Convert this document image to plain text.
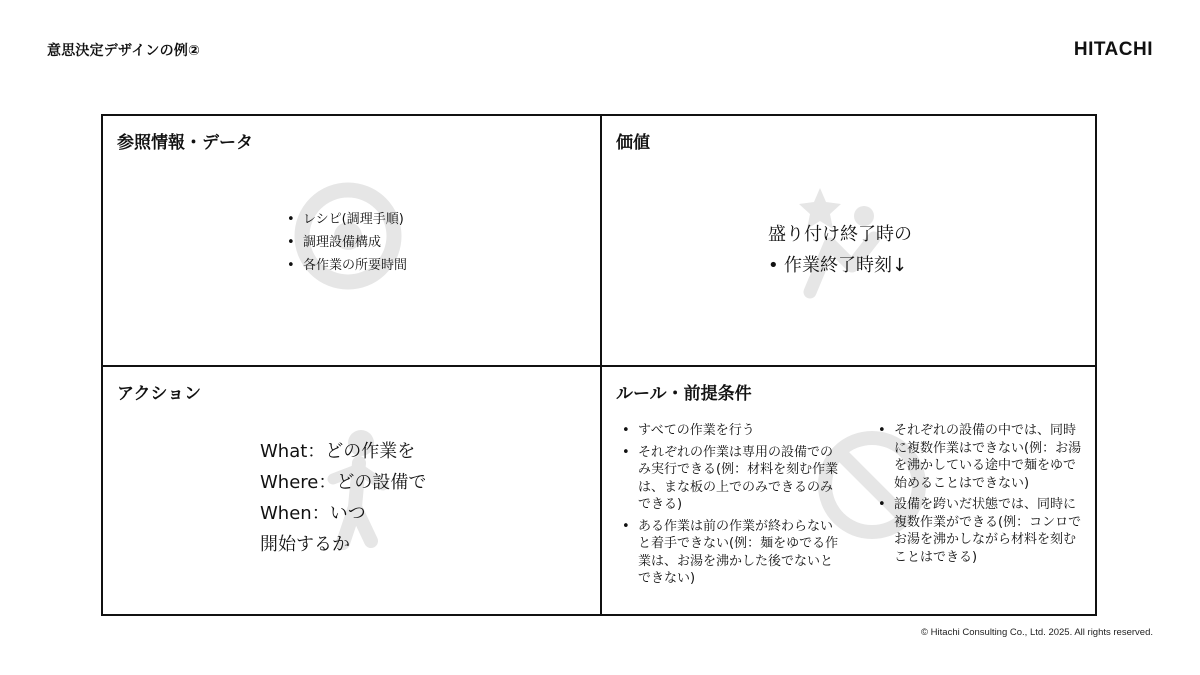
意思決定デザインの例②	HITACHI
参照情報・データ
• レシピ(調理手順)
• 調理設備構成
• 各作業の所要時間
価値
盛り付け終了時の
• 作業終了時刻↓
アクション
What：どの作業を
Where：どの設備で
When：いつ
開始するか
ルール・前提条件
• すべての作業を行う
• それぞれの作業は専用の設備でのみ実行できる(例：材料を刻む作業は、まな板の上でのみできるのみできる)
• ある作業は前の作業が終わらないと着手できない(例：麺をゆでる作業は、お湯を沸かした後でないとできない)
• それぞれの設備の中では、同時に複数作業はできない(例：お湯を沸かしている途中で麺をゆで始めることはできない)
• 設備を跨いだ状態では、同時に複数作業ができる(例：コンロでお湯を沸かしながら材料を刻むことはできる)
© Hitachi Consulting Co., Ltd. 2025. All rights reserved.
